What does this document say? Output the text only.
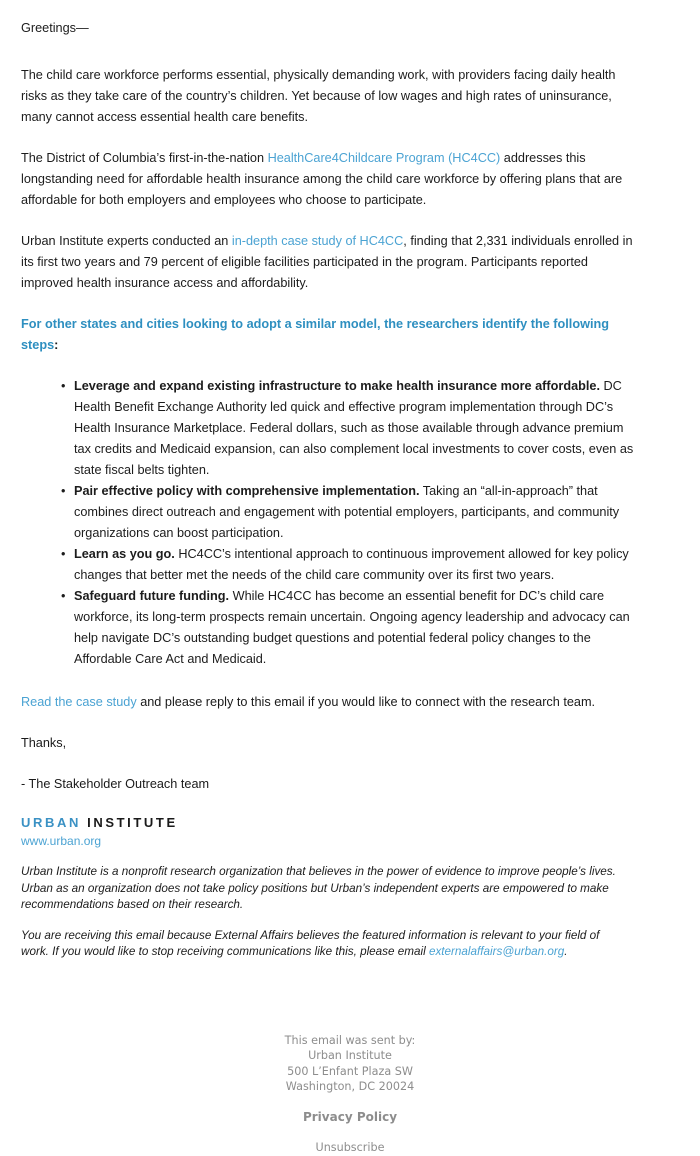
Greetings—

The child care workforce performs essential, physically demanding work, with providers facing daily health risks as they take care of the country’s children. Yet because of low wages and high rates of uninsurance, many cannot access essential health care benefits.

The District of Columbia’s first-in-the-nation HealthCare4Childcare Program (HC4CC) addresses this longstanding need for affordable health insurance among the child care workforce by offering plans that are affordable for both employers and employees who choose to participate.

Urban Institute experts conducted an in-depth case study of HC4CC, finding that 2,331 individuals enrolled in its first two years and 79 percent of eligible facilities participated in the program. Participants reported improved health insurance access and affordability.

For other states and cities looking to adopt a similar model, the researchers identify the following steps:

• Leverage and expand existing infrastructure to make health insurance more affordable. DC Health Benefit Exchange Authority led quick and effective program implementation through DC’s Health Insurance Marketplace. Federal dollars, such as those available through advance premium tax credits and Medicaid expansion, can also complement local investments to cover costs, even as state fiscal belts tighten.
• Pair effective policy with comprehensive implementation. Taking an “all-in-approach” that combines direct outreach and engagement with potential employers, participants, and community organizations can boost participation.
• Learn as you go. HC4CC’s intentional approach to continuous improvement allowed for key policy changes that better met the needs of the child care community over its first two years.
• Safeguard future funding. While HC4CC has become an essential benefit for DC’s child care workforce, its long-term prospects remain uncertain. Ongoing agency leadership and advocacy can help navigate DC’s outstanding budget questions and potential federal policy changes to the Affordable Care Act and Medicaid.

Read the case study and please reply to this email if you would like to connect with the research team.

Thanks,

- The Stakeholder Outreach team

URBAN INSTITUTE
www.urban.org

Urban Institute is a nonprofit research organization that believes in the power of evidence to improve people’s lives. Urban as an organization does not take policy positions but Urban’s independent experts are empowered to make recommendations based on their research.

You are receiving this email because External Affairs believes the featured information is relevant to your field of work. If you would like to stop receiving communications like this, please email externalaffairs@urban.org.

This email was sent by:
Urban Institute
500 L’Enfant Plaza SW
Washington, DC 20024
Privacy Policy
Unsubscribe
